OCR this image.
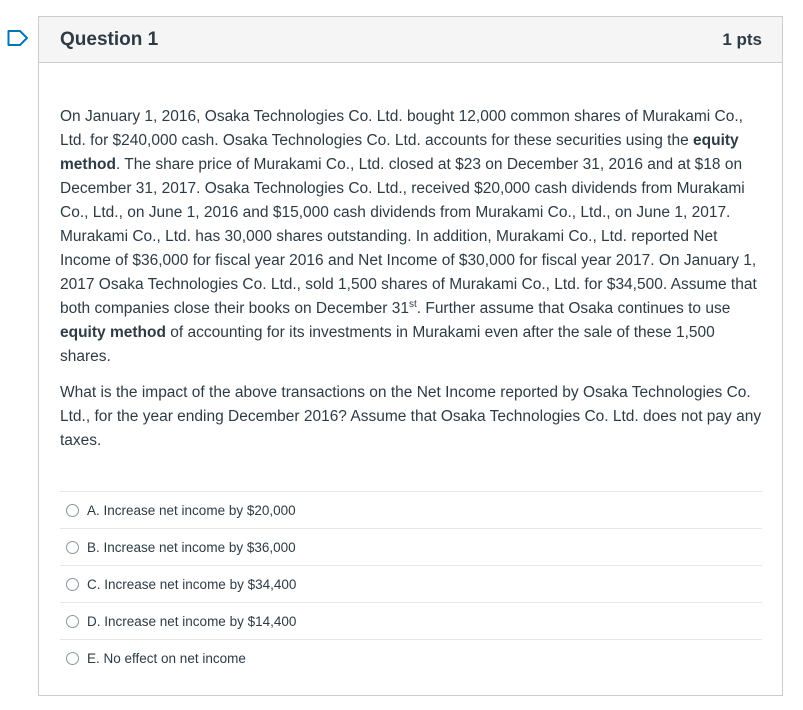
Question 1	1 pts

On January 1, 2016, Osaka Technologies Co. Ltd. bought 12,000 common shares of Murakami Co., Ltd. for $240,000 cash. Osaka Technologies Co. Ltd. accounts for these securities using the equity method. The share price of Murakami Co., Ltd. closed at $23 on December 31, 2016 and at $18 on December 31, 2017. Osaka Technologies Co. Ltd., received $20,000 cash dividends from Murakami Co., Ltd., on June 1, 2016 and $15,000 cash dividends from Murakami Co., Ltd., on June 1, 2017. Murakami Co., Ltd. has 30,000 shares outstanding. In addition, Murakami Co., Ltd. reported Net Income of $36,000 for fiscal year 2016 and Net Income of $30,000 for fiscal year 2017. On January 1, 2017 Osaka Technologies Co. Ltd., sold 1,500 shares of Murakami Co., Ltd. for $34,500. Assume that both companies close their books on December 31st. Further assume that Osaka continues to use equity method of accounting for its investments in Murakami even after the sale of these 1,500 shares.

What is the impact of the above transactions on the Net Income reported by Osaka Technologies Co. Ltd., for the year ending December 2016? Assume that Osaka Technologies Co. Ltd. does not pay any taxes.

A. Increase net income by $20,000
B. Increase net income by $36,000
C. Increase net income by $34,400
D. Increase net income by $14,400
E. No effect on net income
